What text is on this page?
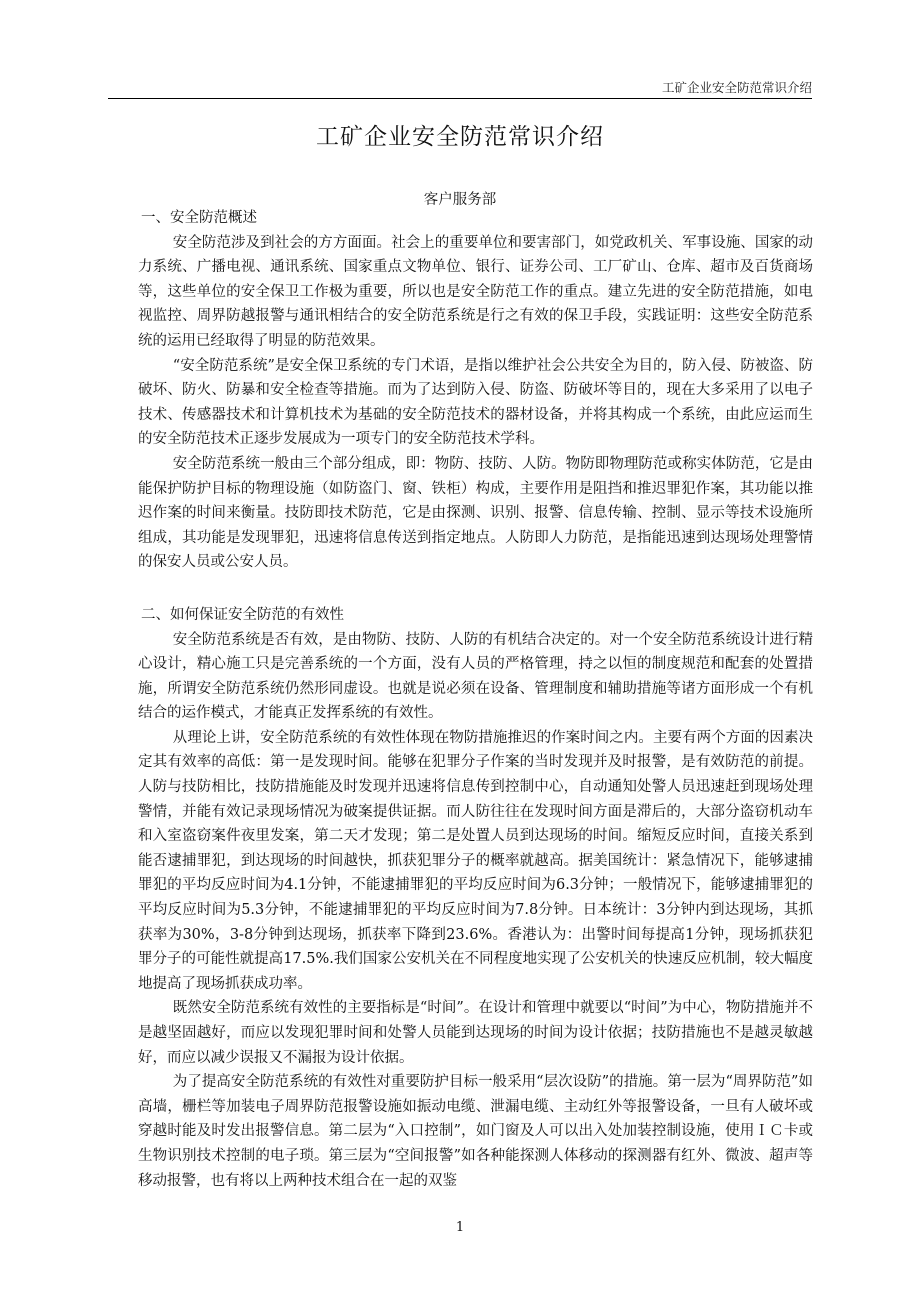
工矿企业安全防范常识介绍
工矿企业安全防范常识介绍
客户服务部

一、安全防范概述

安全防范涉及到社会的方方面面。社会上的重要单位和要害部门，如党政机关、军事设施、国家的动力系统、广播电视、通讯系统、国家重点文物单位、银行、证券公司、工厂矿山、仓库、超市及百货商场等，这些单位的安全保卫工作极为重要，所以也是安全防范工作的重点。建立先进的安全防范措施，如电视监控、周界防越报警与通讯相结合的安全防范系统是行之有效的保卫手段，实践证明：这些安全防范系统的运用已经取得了明显的防范效果。

“安全防范系统”是安全保卫系统的专门术语，是指以维护社会公共安全为目的，防入侵、防被盗、防破坏、防火、防暴和安全检查等措施。而为了达到防入侵、防盗、防破坏等目的，现在大多采用了以电子技术、传感器技术和计算机技术为基础的安全防范技术的器材设备，并将其构成一个系统，由此应运而生的安全防范技术正逐步发展成为一项专门的安全防范技术学科。

安全防范系统一般由三个部分组成，即：物防、技防、人防。物防即物理防范或称实体防范，它是由能保护防护目标的物理设施（如防盗门、窗、铁柜）构成，主要作用是阻挡和推迟罪犯作案，其功能以推迟作案的时间来衡量。技防即技术防范，它是由探测、识别、报警、信息传输、控制、显示等技术设施所组成，其功能是发现罪犯，迅速将信息传送到指定地点。人防即人力防范，是指能迅速到达现场处理警情的保安人员或公安人员。

二、如何保证安全防范的有效性

安全防范系统是否有效，是由物防、技防、人防的有机结合决定的。对一个安全防范系统设计进行精心设计，精心施工只是完善系统的一个方面，没有人员的严格管理，持之以恒的制度规范和配套的处置措施，所谓安全防范系统仍然形同虚设。也就是说必须在设备、管理制度和辅助措施等诸方面形成一个有机结合的运作模式，才能真正发挥系统的有效性。

从理论上讲，安全防范系统的有效性体现在物防措施推迟的作案时间之内。主要有两个方面的因素决定其有效率的高低：第一是发现时间。能够在犯罪分子作案的当时发现并及时报警，是有效防范的前提。人防与技防相比，技防措施能及时发现并迅速将信息传到控制中心，自动通知处警人员迅速赶到现场处理警情，并能有效记录现场情况为破案提供证据。而人防往往在发现时间方面是滞后的，大部分盗窃机动车和入室盗窃案件夜里发案，第二天才发现；第二是处置人员到达现场的时间。缩短反应时间，直接关系到能否逮捕罪犯，到达现场的时间越快，抓获犯罪分子的概率就越高。据美国统计：紧急情况下，能够逮捕罪犯的平均反应时间为4.1分钟，不能逮捕罪犯的平均反应时间为6.3分钟；一般情况下，能够逮捕罪犯的平均反应时间为5.3分钟，不能逮捕罪犯的平均反应时间为7.8分钟。日本统计：3分钟内到达现场，其抓获率为30%，3-8分钟到达现场，抓获率下降到23.6%。香港认为：出警时间每提高1分钟，现场抓获犯罪分子的可能性就提高17.5%.我们国家公安机关在不同程度地实现了公安机关的快速反应机制，较大幅度地提高了现场抓获成功率。

既然安全防范系统有效性的主要指标是“时间”。在设计和管理中就要以“时间”为中心，物防措施并不是越坚固越好，而应以发现犯罪时间和处警人员能到达现场的时间为设计依据；技防措施也不是越灵敏越好，而应以减少误报又不漏报为设计依据。

为了提高安全防范系统的有效性对重要防护目标一般采用“层次设防”的措施。第一层为“周界防范”如高墙，栅栏等加装电子周界防范报警设施如振动电缆、泄漏电缆、主动红外等报警设备，一旦有人破坏或穿越时能及时发出报警信息。第二层为“入口控制”，如门窗及人可以出入处加装控制设施，使用ＩＣ卡或生物识别技术控制的电子琐。第三层为“空间报警”如各种能探测人体移动的探测器有红外、微波、超声等移动报警，也有将以上两种技术组合在一起的双鉴

1
